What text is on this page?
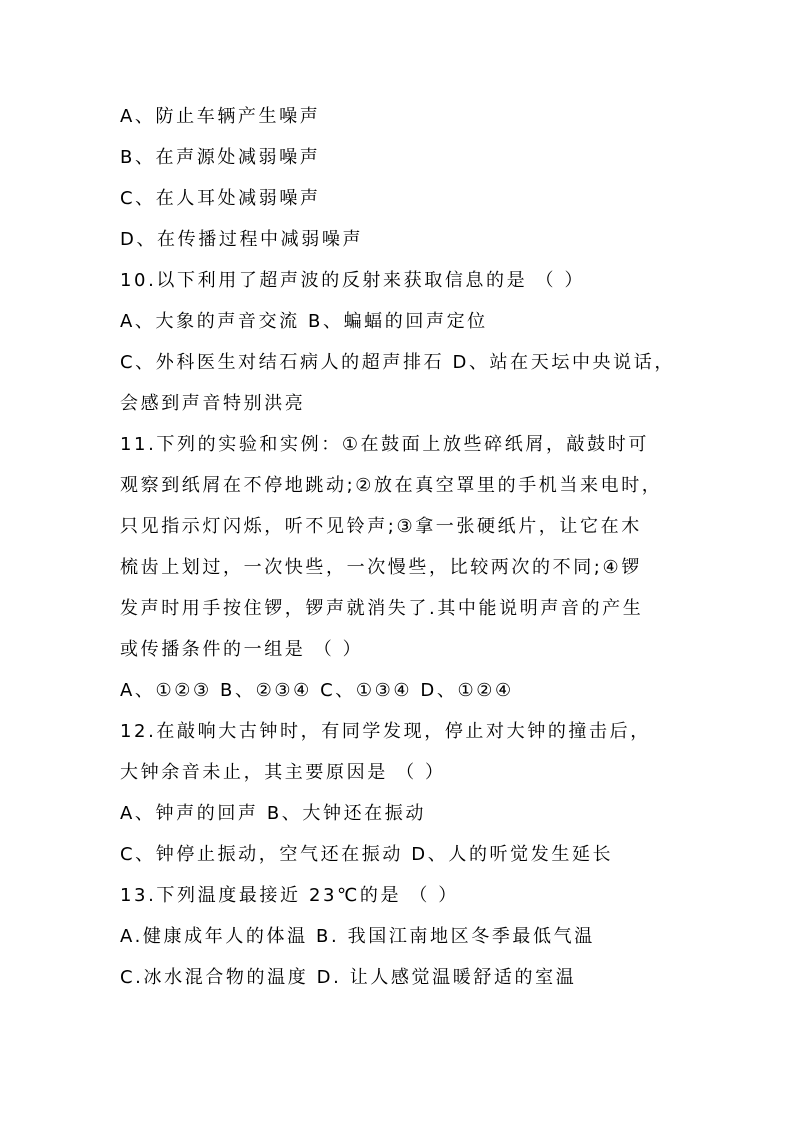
A、防止车辆产生噪声
B、在声源处减弱噪声
C、在人耳处减弱噪声
D、在传播过程中减弱噪声
10.以下利用了超声波的反射来获取信息的是 （ ）
A、大象的声音交流 B、蝙蝠的回声定位
C、外科医生对结石病人的超声排石 D、站在天坛中央说话，
会感到声音特别洪亮
11.下列的实验和实例：①在鼓面上放些碎纸屑，敲鼓时可
观察到纸屑在不停地跳动;②放在真空罩里的手机当来电时，
只见指示灯闪烁，听不见铃声;③拿一张硬纸片，让它在木
梳齿上划过，一次快些，一次慢些，比较两次的不同;④锣
发声时用手按住锣，锣声就消失了.其中能说明声音的产生
或传播条件的一组是 （ ）
A、①②③ B、②③④ C、①③④ D、①②④
12.在敲响大古钟时，有同学发现，停止对大钟的撞击后，
大钟余音未止，其主要原因是 （ ）
A、钟声的回声 B、大钟还在振动
C、钟停止振动，空气还在振动 D、人的听觉发生延长
13.下列温度最接近 23℃的是 （ ）
A.健康成年人的体温 B. 我国江南地区冬季最低气温
C.冰水混合物的温度 D. 让人感觉温暖舒适的室温
